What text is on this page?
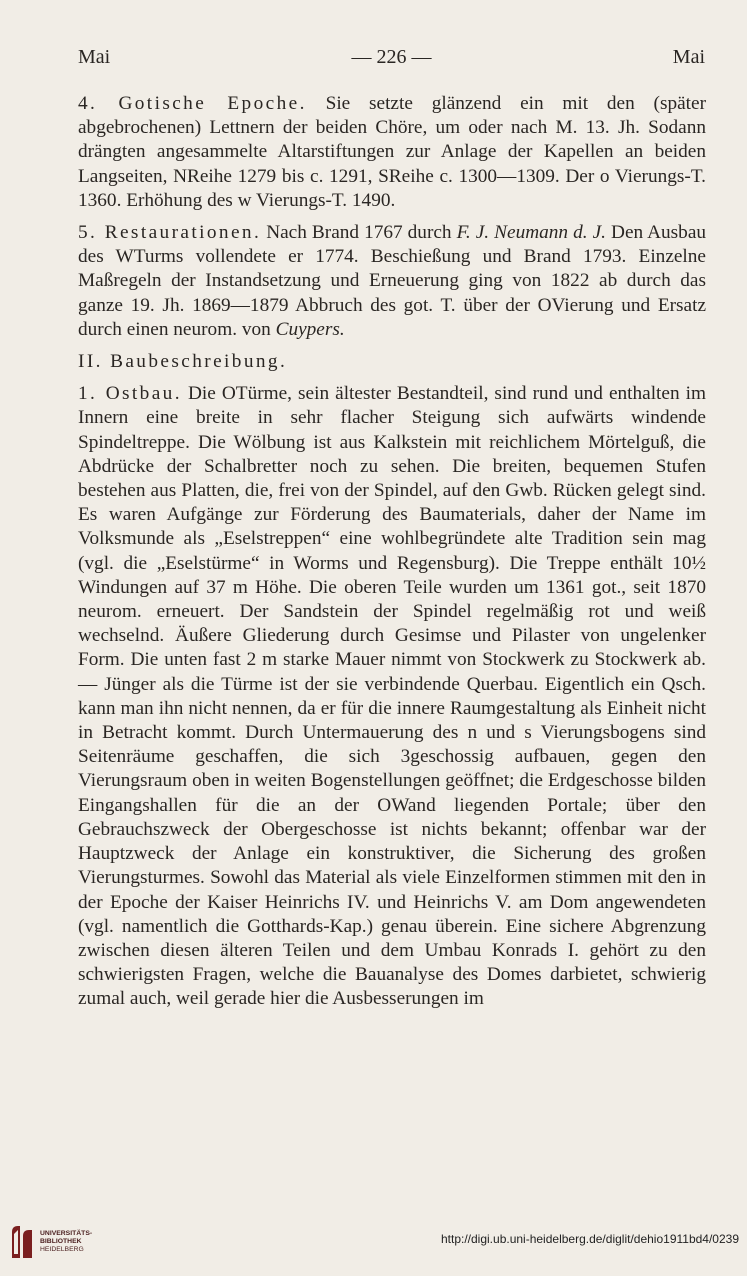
Mai	— 226 —	Mai

4. Gotische Epoche. Sie setzte glänzend ein mit den (später abgebrochenen) Lettnern der beiden Chöre, um oder nach M. 13. Jh. Sodann drängten angesammelte Altarstiftungen zur Anlage der Kapellen an beiden Langseiten, NReihe 1279 bis c. 1291, SReihe c. 1300—1309. Der o Vierungs-T. 1360. Erhöhung des w Vierungs-T. 1490.

5. Restaurationen. Nach Brand 1767 durch F. J. Neumann d. J. Den Ausbau des WTurms vollendete er 1774. Beschießung und Brand 1793. Einzelne Maßregeln der Instandsetzung und Erneuerung ging von 1822 ab durch das ganze 19. Jh. 1869—1879 Abbruch des got. T. über der OVierung und Ersatz durch einen neurom. von Cuypers.

II. Baubeschreibung.

1. Ostbau. Die OTürme, sein ältester Bestandteil, sind rund und enthalten im Innern eine breite in sehr flacher Steigung sich aufwärts windende Spindeltreppe. Die Wölbung ist aus Kalkstein mit reichlichem Mörtelguß, die Abdrücke der Schalbretter noch zu sehen. Die breiten, bequemen Stufen bestehen aus Platten, die, frei von der Spindel, auf den Gwb. Rücken gelegt sind. Es waren Aufgänge zur Förderung des Baumaterials, daher der Name im Volksmunde als „Eselstreppen“ eine wohlbegründete alte Tradition sein mag (vgl. die „Eselstürme“ in Worms und Regensburg). Die Treppe enthält 10½ Windungen auf 37 m Höhe. Die oberen Teile wurden um 1361 got., seit 1870 neurom. erneuert. Der Sandstein der Spindel regelmäßig rot und weiß wechselnd. Äußere Gliederung durch Gesimse und Pilaster von ungelenker Form. Die unten fast 2 m starke Mauer nimmt von Stockwerk zu Stockwerk ab. — Jünger als die Türme ist der sie verbindende Querbau. Eigentlich ein Qsch. kann man ihn nicht nennen, da er für die innere Raumgestaltung als Einheit nicht in Betracht kommt. Durch Untermauerung des n und s Vierungsbogens sind Seitenräume geschaffen, die sich 3geschossig aufbauen, gegen den Vierungsraum oben in weiten Bogenstellungen geöffnet; die Erdgeschosse bilden Eingangshallen für die an der OWand liegenden Portale; über den Gebrauchszweck der Obergeschosse ist nichts bekannt; offenbar war der Hauptzweck der Anlage ein konstruktiver, die Sicherung des großen Vierungsturmes. Sowohl das Material als viele Einzelformen stimmen mit den in der Epoche der Kaiser Heinrichs IV. und Heinrichs V. am Dom angewendeten (vgl. namentlich die Gotthards-Kap.) genau überein. Eine sichere Abgrenzung zwischen diesen älteren Teilen und dem Umbau Konrads I. gehört zu den schwierigsten Fragen, welche die Bauanalyse des Domes darbietet, schwierig zumal auch, weil gerade hier die Ausbesserungen im

UNIVERSITÄTS-
BIBLIOTHEK
HEIDELBERG
http://digi.ub.uni-heidelberg.de/diglit/dehio1911bd4/0239
